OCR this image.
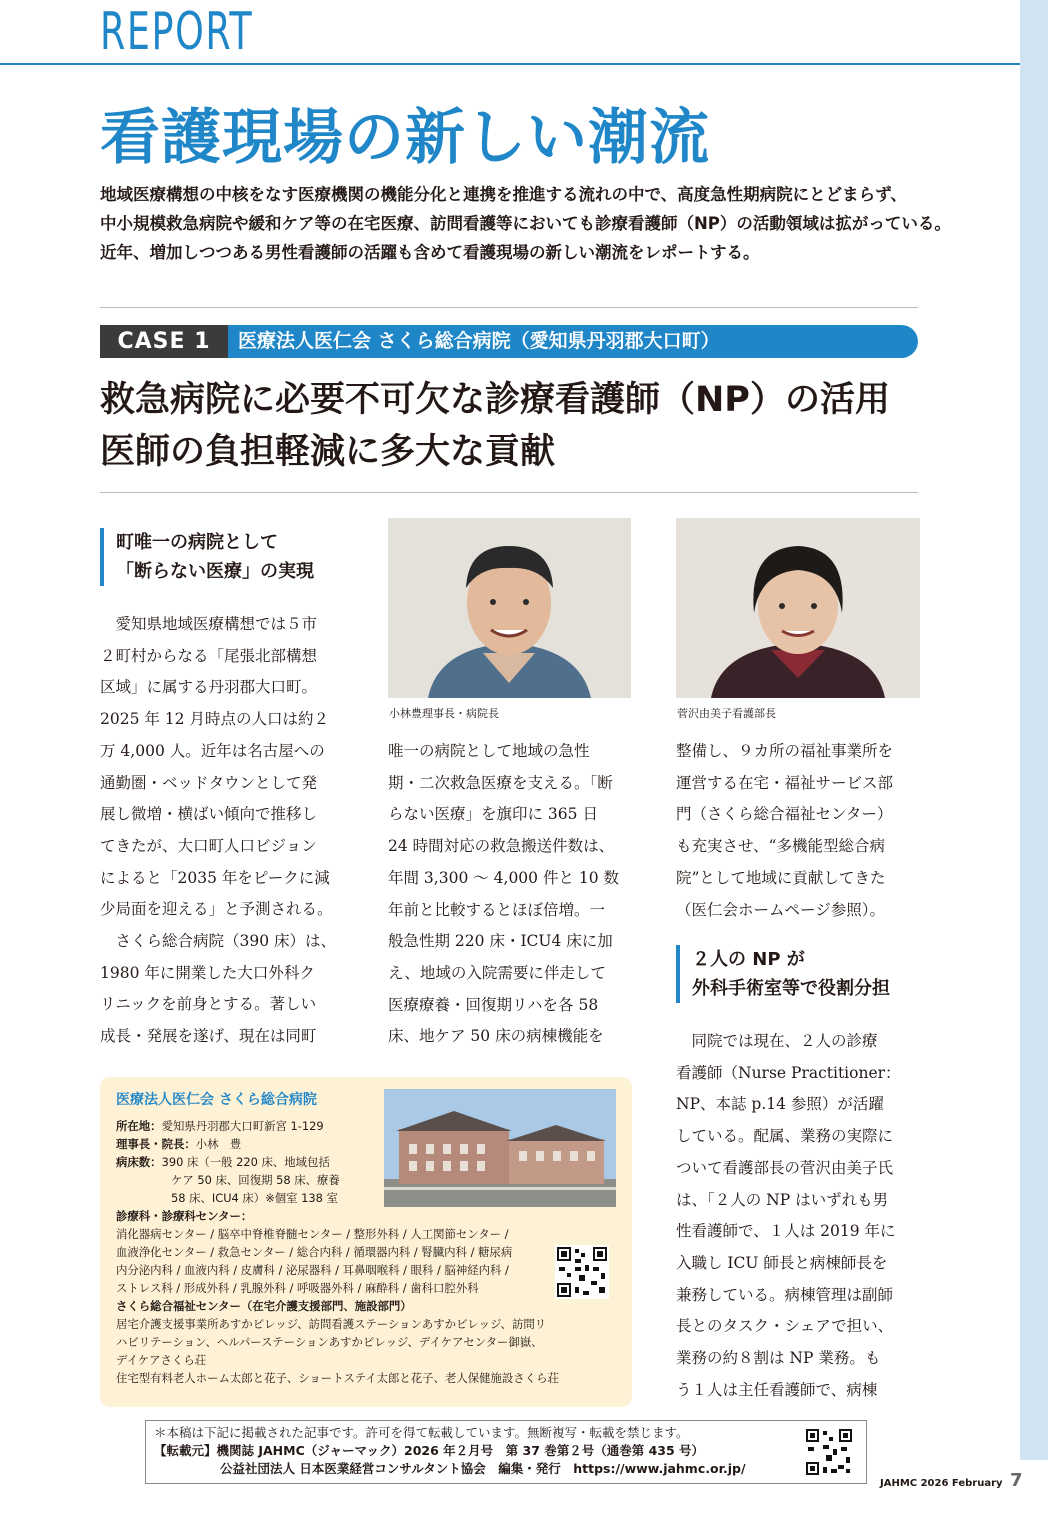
REPORT
看護現場の新しい潮流
地域医療構想の中核をなす医療機関の機能分化と連携を推進する流れの中で、高度急性期病院にとどまらず、
中小規模救急病院や緩和ケア等の在宅医療、訪問看護等においても診療看護師（NP）の活動領域は拡がっている。
近年、増加しつつある男性看護師の活躍も含めて看護現場の新しい潮流をレポートする。
CASE 1	医療法人医仁会 さくら総合病院（愛知県丹羽郡大口町）
救急病院に必要不可欠な診療看護師（NP）の活用
医師の負担軽減に多大な貢献
町唯一の病院として
「断らない医療」の実現
　愛知県地域医療構想では５市
２町村からなる「尾張北部構想
区域」に属する丹羽郡大口町。
2025 年 12 月時点の人口は約２
万 4,000 人。近年は名古屋への
通勤圏・ベッドタウンとして発
展し微増・横ばい傾向で推移し
てきたが、大口町人口ビジョン
によると「2035 年をピークに減
少局面を迎える」と予測される。
　さくら総合病院（390 床）は、
1980 年に開業した大口外科ク
リニックを前身とする。著しい
成長・発展を遂げ、現在は同町
小林豊理事長・病院長
唯一の病院として地域の急性
期・二次救急医療を支える。「断
らない医療」を旗印に 365 日
24 時間対応の救急搬送件数は、
年間 3,300 〜 4,000 件と 10 数
年前と比較するとほぼ倍増。一
般急性期 220 床・ICU4 床に加
え、地域の入院需要に伴走して
医療療養・回復期リハを各 58
床、地ケア 50 床の病棟機能を
菅沢由美子看護部長
整備し、９カ所の福祉事業所を
運営する在宅・福祉サービス部
門（さくら総合福祉センター）
も充実させ、“多機能型総合病
院”として地域に貢献してきた
（医仁会ホームページ参照）。
２人の NP が
外科手術室等で役割分担
　同院では現在、２人の診療
看護師（Nurse Practitioner：
NP、本誌 p.14 参照）が活躍
している。配属、業務の実際に
ついて看護部長の菅沢由美子氏
は、「２人の NP はいずれも男
性看護師で、１人は 2019 年に
入職し ICU 師長と病棟師長を
兼務している。病棟管理は副師
長とのタスク・シェアで担い、
業務の約８割は NP 業務。も
う１人は主任看護師で、病棟
医療法人医仁会 さくら総合病院
所在地：愛知県丹羽郡大口町新宮 1-129
理事長・院長：小林　豊
病床数：390 床（一般 220 床、地域包括
ケア 50 床、回復期 58 床、療養
58 床、ICU4 床）※個室 138 室
診療科・診療科センター：
消化器病センター / 脳卒中脊椎脊髄センター / 整形外科 / 人工関節センター /
血液浄化センター / 救急センター / 総合内科 / 循環器内科 / 腎臓内科 / 糖尿病
内分泌内科 / 血液内科 / 皮膚科 / 泌尿器科 / 耳鼻咽喉科 / 眼科 / 脳神経内科 /
ストレス科 / 形成外科 / 乳腺外科 / 呼吸器外科 / 麻酔科 / 歯科口腔外科
さくら総合福祉センター（在宅介護支援部門、施設部門）
居宅介護支援事業所あすかビレッジ、訪問看護ステーションあすかビレッジ、訪問リ
ハビリテーション、ヘルパーステーションあすかビレッジ、デイケアセンター御嶽、
デイケアさくら荘
住宅型有料老人ホーム太郎と花子、ショートステイ太郎と花子、老人保健施設さくら荘
＊本稿は下記に掲載された記事です。許可を得て転載しています。無断複写・転載を禁じます。
【転載元】機関誌 JAHMC（ジャーマック）2026 年２月号　第 37 巻第２号（通巻第 435 号）
公益社団法人 日本医業経営コンサルタント協会　編集・発行　https://www.jahmc.or.jp/
JAHMC 2026 February 7
